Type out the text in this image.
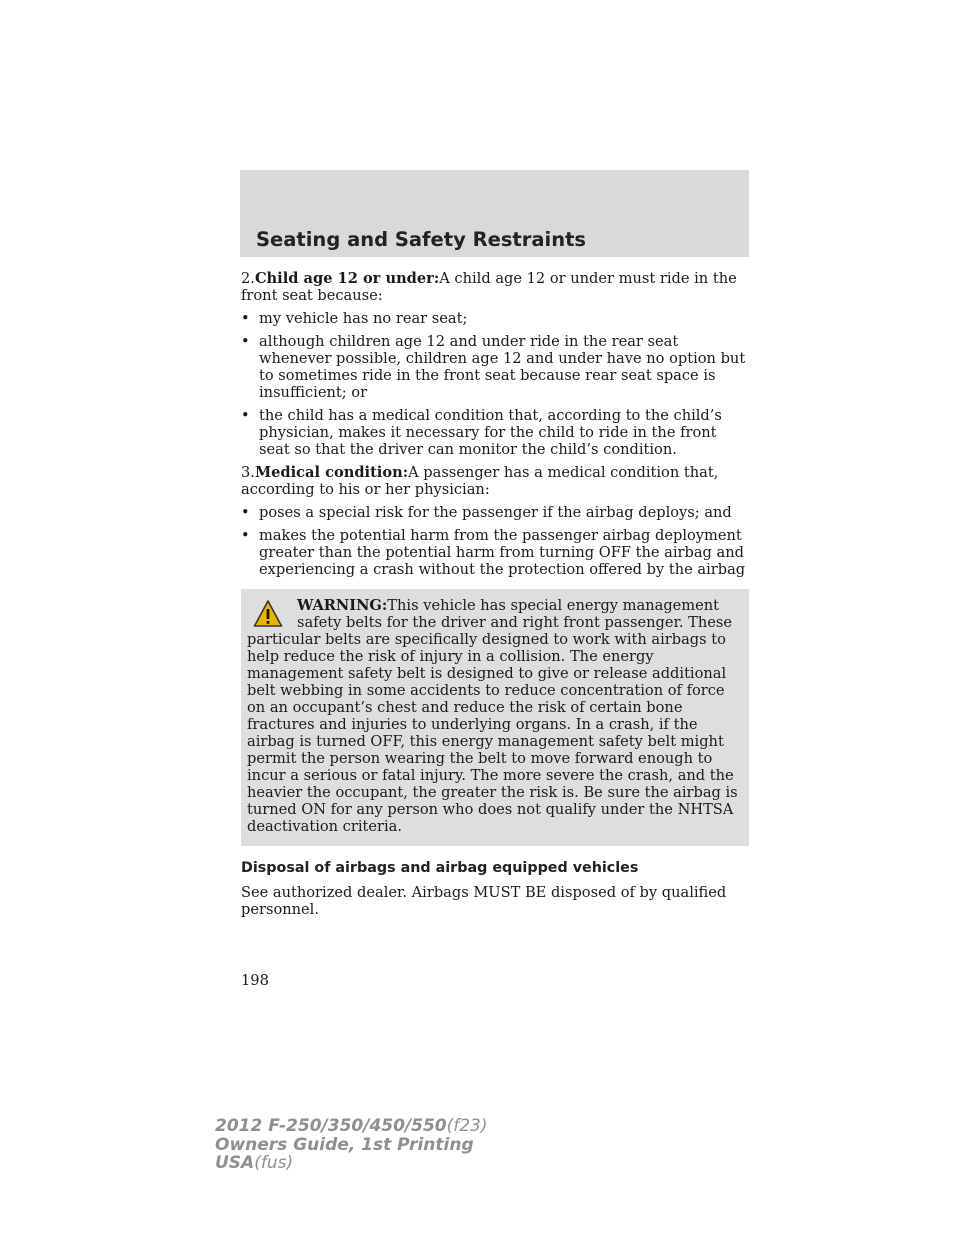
Seating and Safety Restraints

2.Child age 12 or under:A child age 12 or under must ride in the front seat because:

• my vehicle has no rear seat;
• although children age 12 and under ride in the rear seat whenever possible, children age 12 and under have no option but to sometimes ride in the front seat because rear seat space is insufficient; or
• the child has a medical condition that, according to the child’s physician, makes it necessary for the child to ride in the front seat so that the driver can monitor the child’s condition.

3.Medical condition:A passenger has a medical condition that, according to his or her physician:

• poses a special risk for the passenger if the airbag deploys; and
• makes the potential harm from the passenger airbag deployment greater than the potential harm from turning OFF the airbag and experiencing a crash without the protection offered by the airbag
WARNING:This vehicle has special energy management safety belts for the driver and right front passenger. These particular belts are specifically designed to work with airbags to help reduce the risk of injury in a collision. The energy management safety belt is designed to give or release additional belt webbing in some accidents to reduce concentration of force on an occupant’s chest and reduce the risk of certain bone fractures and injuries to underlying organs. In a crash, if the airbag is turned OFF, this energy management safety belt might permit the person wearing the belt to move forward enough to incur a serious or fatal injury. The more severe the crash, and the heavier the occupant, the greater the risk is. Be sure the airbag is turned ON for any person who does not qualify under the NHTSA deactivation criteria.
Disposal of airbags and airbag equipped vehicles

See authorized dealer. Airbags MUST BE disposed of by qualified personnel.

198
2012 F-250/350/450/550(f23)
Owners Guide, 1st Printing
USA(fus)
